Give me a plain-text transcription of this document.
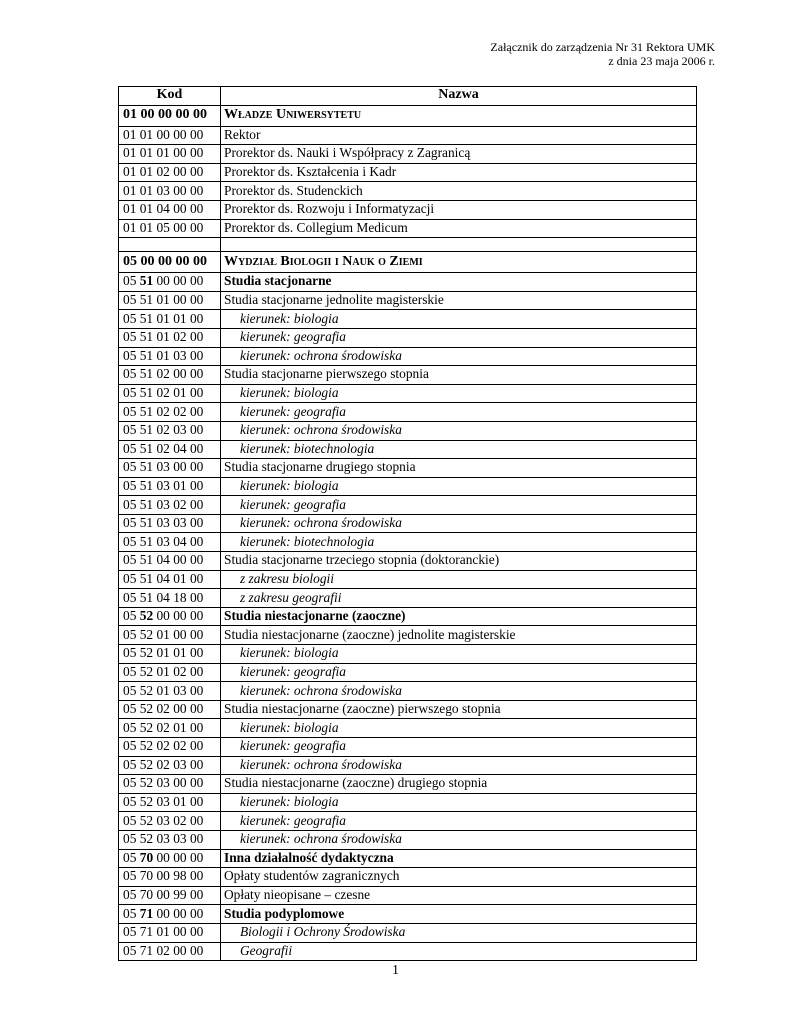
Załącznik do zarządzenia Nr 31 Rektora UMK
z dnia 23 maja 2006 r.
Kod	Nazwa
01 00 00 00 00	Władze Uniwersytetu
01 01 00 00 00	Rektor
01 01 01 00 00	Prorektor ds. Nauki i Współpracy z Zagranicą
01 01 02 00 00	Prorektor ds. Kształcenia i Kadr
01 01 03 00 00	Prorektor ds. Studenckich
01 01 04 00 00	Prorektor ds. Rozwoju i Informatyzacji
01 01 05 00 00	Prorektor ds. Collegium Medicum

05 00 00 00 00	Wydział Biologii i Nauk o Ziemi
05 51 00 00 00	Studia stacjonarne
05 51 01 00 00	Studia stacjonarne jednolite magisterskie
05 51 01 01 00	kierunek: biologia
05 51 01 02 00	kierunek: geografia
05 51 01 03 00	kierunek: ochrona środowiska
05 51 02 00 00	Studia stacjonarne pierwszego stopnia
05 51 02 01 00	kierunek: biologia
05 51 02 02 00	kierunek: geografia
05 51 02 03 00	kierunek: ochrona środowiska
05 51 02 04 00	kierunek: biotechnologia
05 51 03 00 00	Studia stacjonarne drugiego stopnia
05 51 03 01 00	kierunek: biologia
05 51 03 02 00	kierunek: geografia
05 51 03 03 00	kierunek: ochrona środowiska
05 51 03 04 00	kierunek: biotechnologia
05 51 04 00 00	Studia stacjonarne trzeciego stopnia (doktoranckie)
05 51 04 01 00	z zakresu biologii
05 51 04 18 00	z zakresu geografii
05 52 00 00 00	Studia niestacjonarne (zaoczne)
05 52 01 00 00	Studia niestacjonarne (zaoczne) jednolite magisterskie
05 52 01 01 00	kierunek: biologia
05 52 01 02 00	kierunek: geografia
05 52 01 03 00	kierunek: ochrona środowiska
05 52 02 00 00	Studia niestacjonarne (zaoczne) pierwszego stopnia
05 52 02 01 00	kierunek: biologia
05 52 02 02 00	kierunek: geografia
05 52 02 03 00	kierunek: ochrona środowiska
05 52 03 00 00	Studia niestacjonarne (zaoczne) drugiego stopnia
05 52 03 01 00	kierunek: biologia
05 52 03 02 00	kierunek: geografia
05 52 03 03 00	kierunek: ochrona środowiska
05 70 00 00 00	Inna działalność dydaktyczna
05 70 00 98 00	Opłaty studentów zagranicznych
05 70 00 99 00	Opłaty nieopisane – czesne
05 71 00 00 00	Studia podyplomowe
05 71 01 00 00	Biologii i Ochrony Środowiska
05 71 02 00 00	Geografii
1
